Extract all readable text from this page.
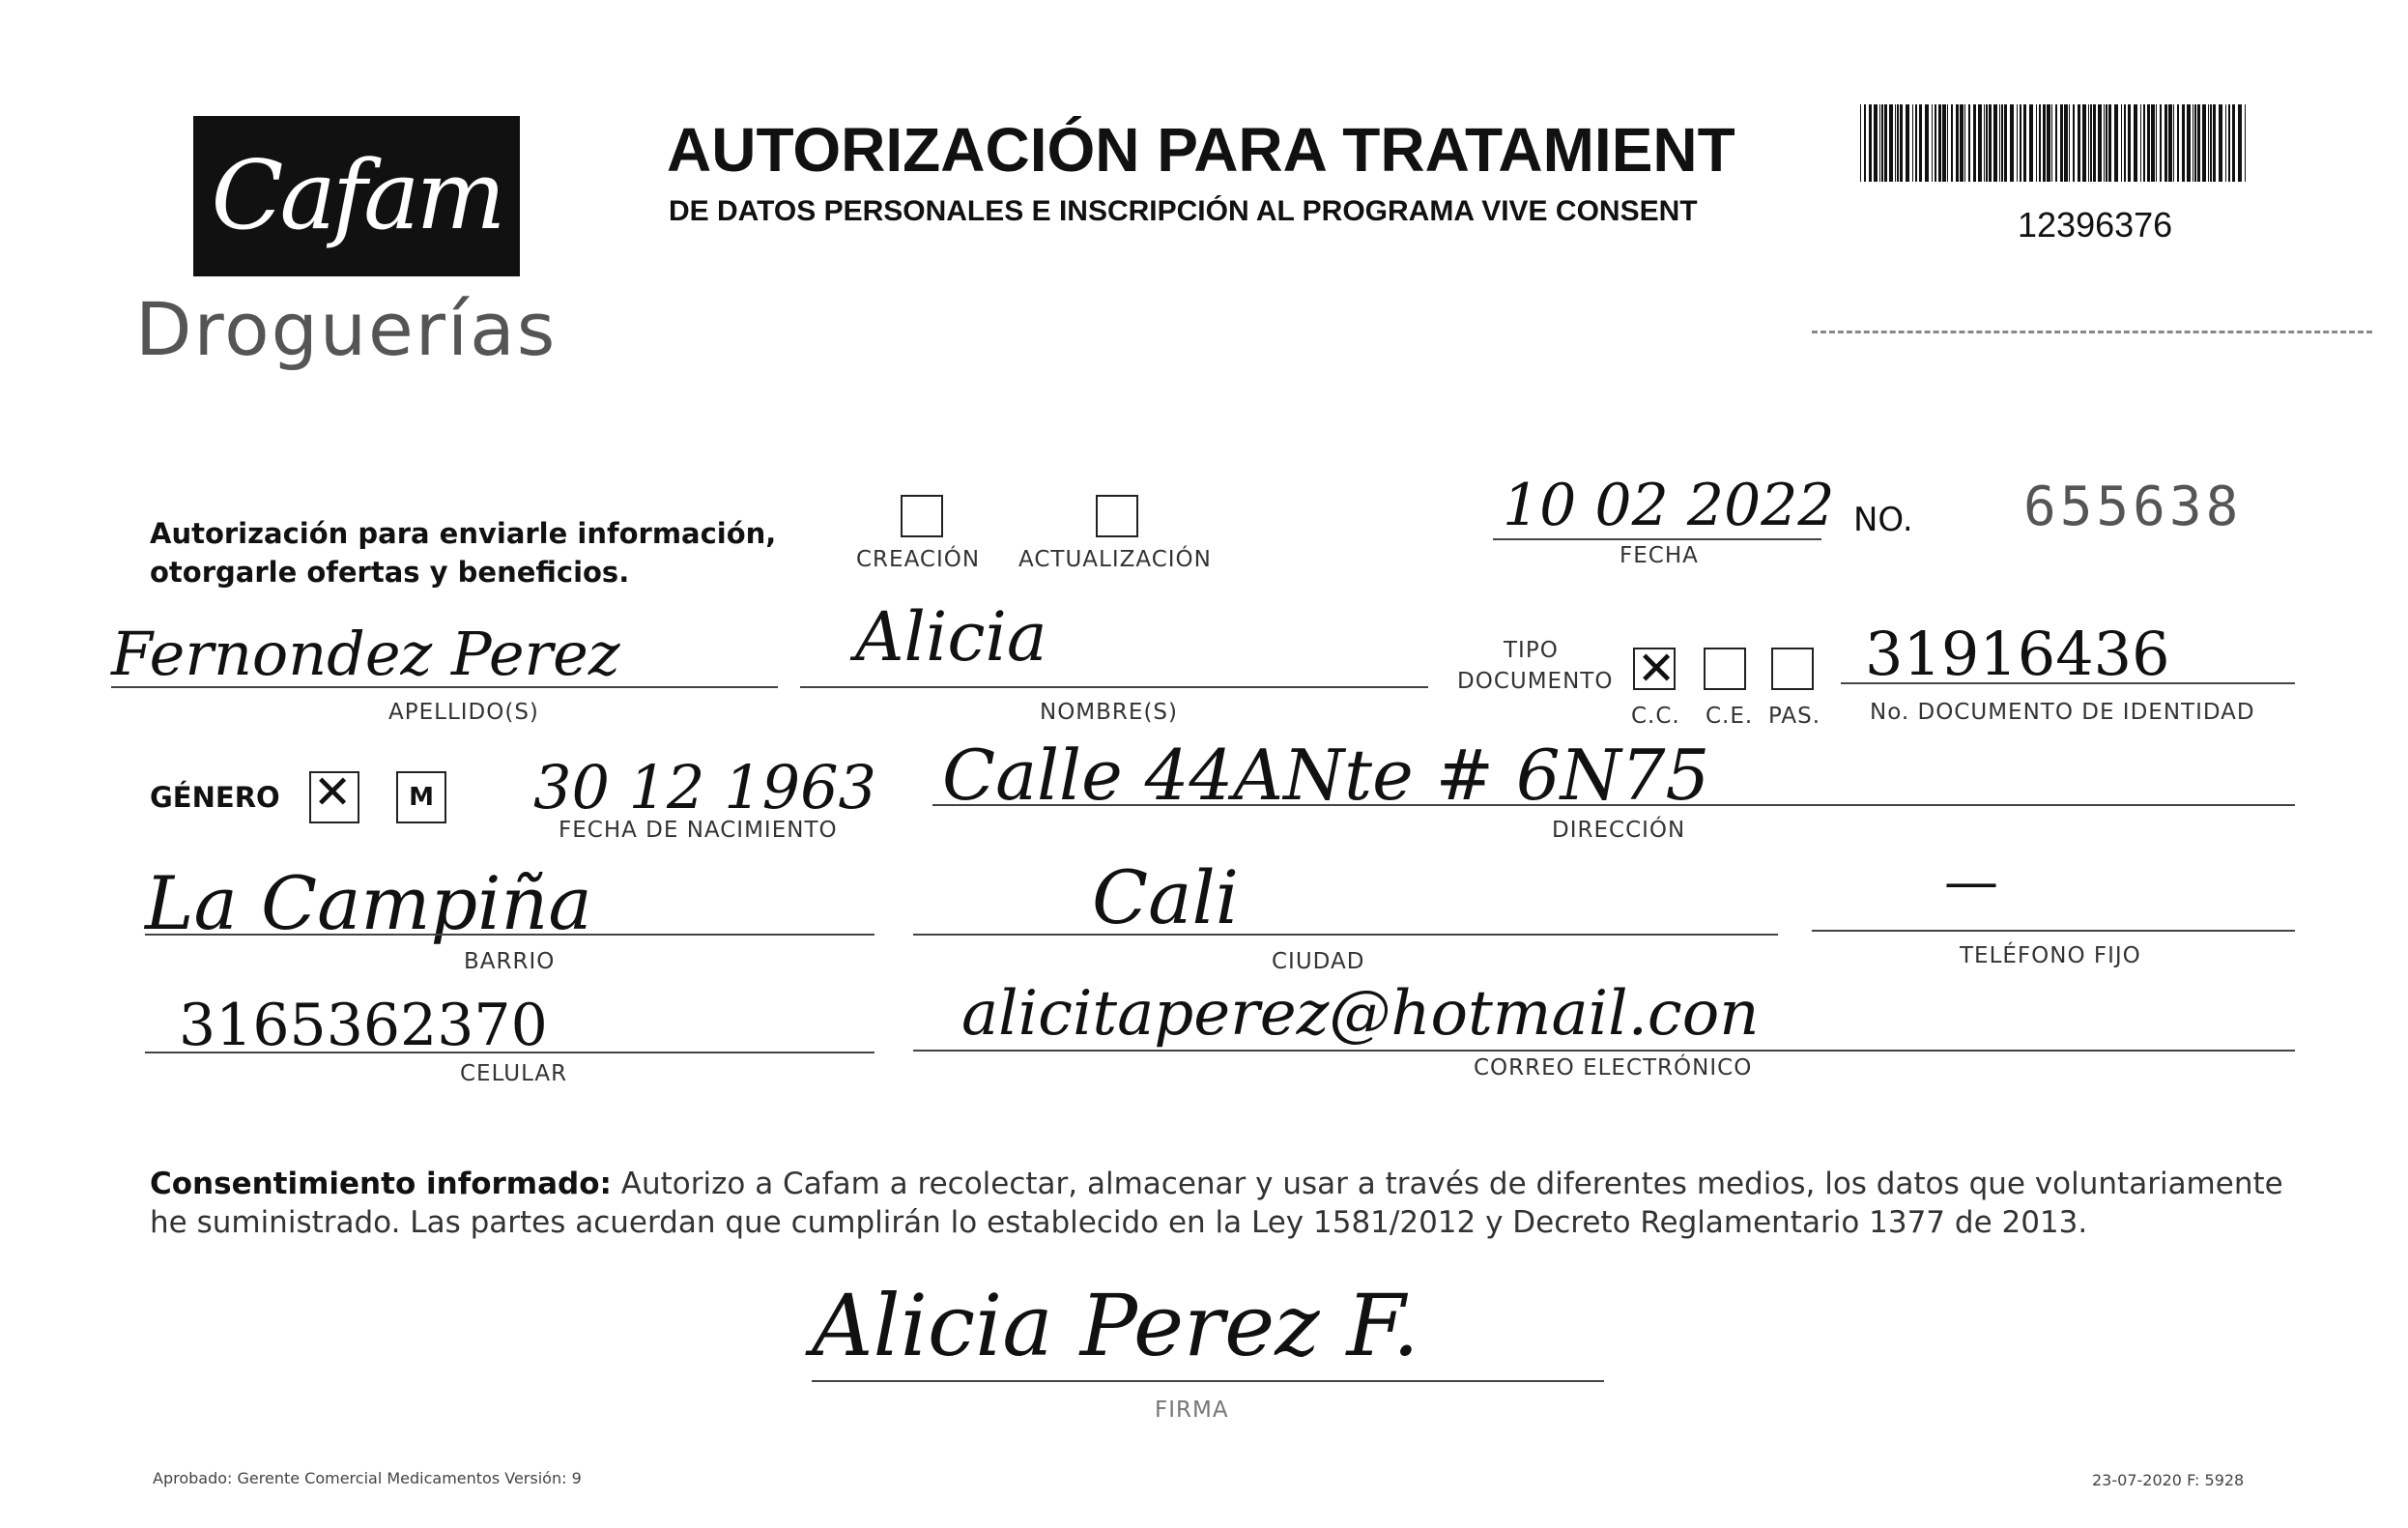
Cafam
Droguerías
AUTORIZACIÓN PARA TRATAMIENT
DE DATOS PERSONALES E INSCRIPCIÓN AL PROGRAMA VIVE CONSENT	12396376
Autorización para enviarle información, otorgarle ofertas y beneficios.	CREACIÓN ACTUALIZACIÓN
10 02 2022
FECHA
NO. 655638
Fernondez Perez
APELLIDO(S)
Alicia
NOMBRE(S)
TIPO
DOCUMENTO
✕
C.C. C.E. PAS.
31916436
No. DOCUMENTO DE IDENTIDAD
GÉNERO
✕	M 30 12 1963
FECHA DE NACIMIENTO
Calle 44ANte # 6N75
DIRECCIÓN
La Campiña
BARRIO
Cali
CIUDAD
—
TELÉFONO FIJO
3165362370
CELULAR
alicitaperez@hotmail.con
CORREO ELECTRÓNICO
Consentimiento informado: Autorizo a Cafam a recolectar, almacenar y usar a través de diferentes medios, los datos que voluntariamente he suministrado. Las partes acuerdan que cumplirán lo establecido en la Ley 1581/2012 y Decreto Reglamentario 1377 de 2013.
Alicia Perez F.
FIRMA
Aprobado: Gerente Comercial Medicamentos Versión: 9	23-07-2020 F: 5928
